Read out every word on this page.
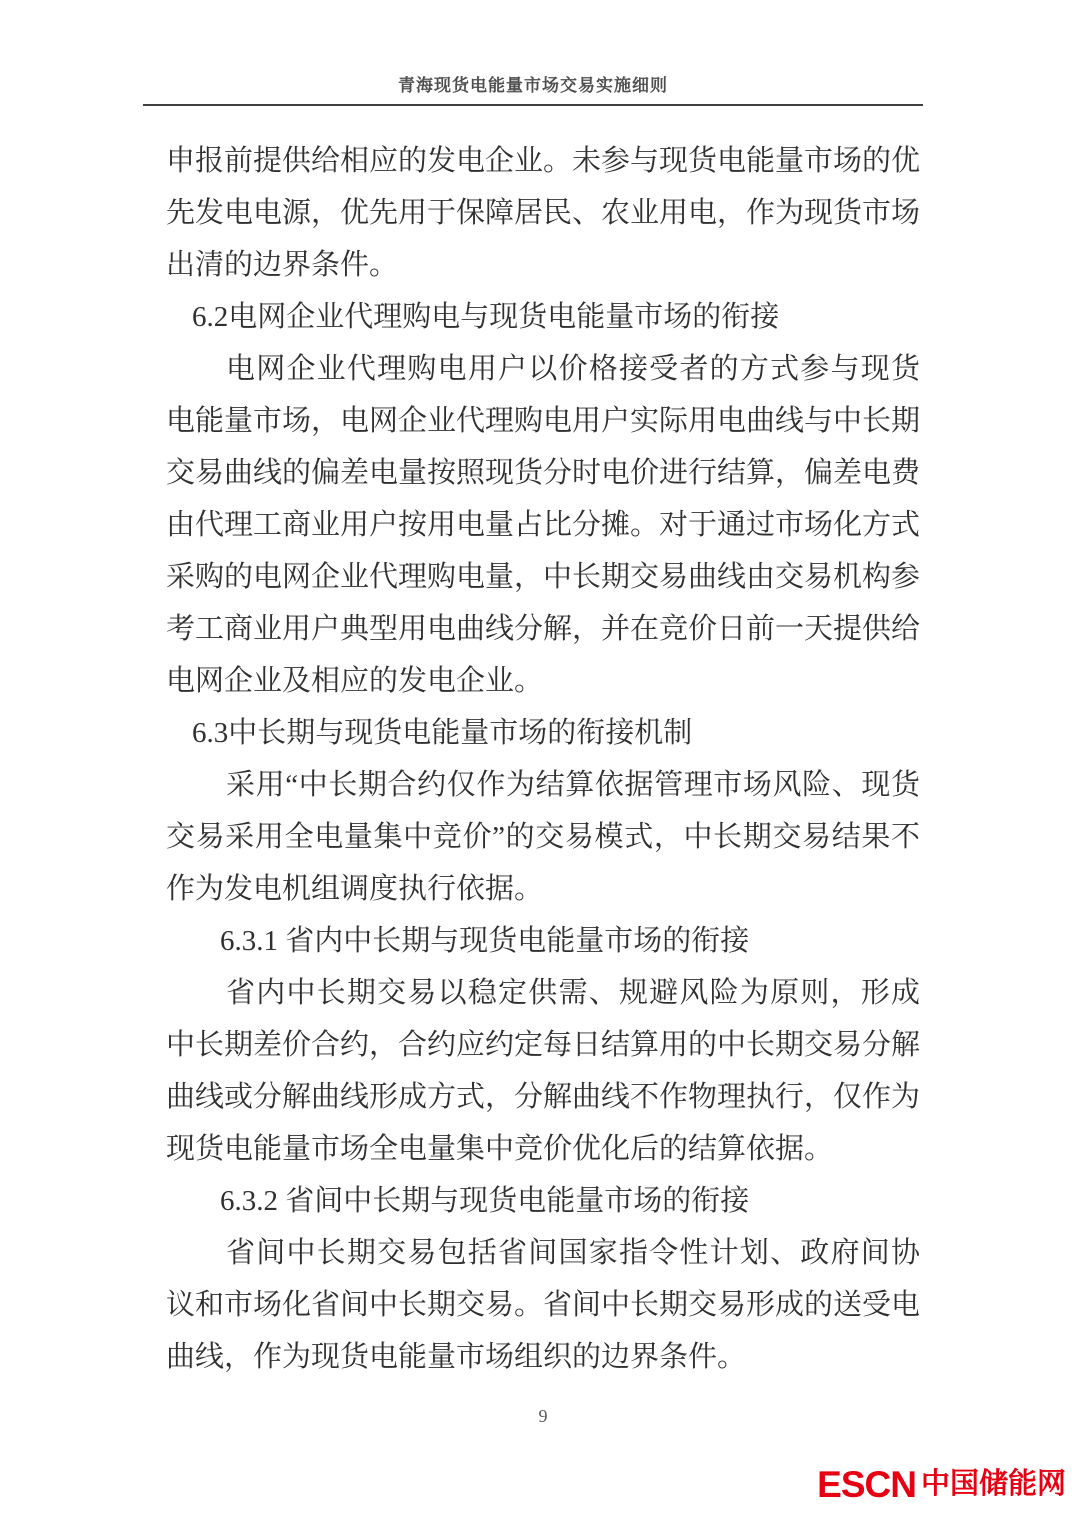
青海现货电能量市场交易实施细则
申报前提供给相应的发电企业。未参与现货电能量市场的优先发电电源，优先用于保障居民、农业用电，作为现货市场出清的边界条件。
6.2电网企业代理购电与现货电能量市场的衔接
电网企业代理购电用户以价格接受者的方式参与现货电能量市场，电网企业代理购电用户实际用电曲线与中长期交易曲线的偏差电量按照现货分时电价进行结算，偏差电费由代理工商业用户按用电量占比分摊。对于通过市场化方式采购的电网企业代理购电量，中长期交易曲线由交易机构参考工商业用户典型用电曲线分解，并在竞价日前一天提供给电网企业及相应的发电企业。
6.3中长期与现货电能量市场的衔接机制
采用“中长期合约仅作为结算依据管理市场风险、现货交易采用全电量集中竞价”的交易模式，中长期交易结果不作为发电机组调度执行依据。
6.3.1 省内中长期与现货电能量市场的衔接
省内中长期交易以稳定供需、规避风险为原则，形成中长期差价合约，合约应约定每日结算用的中长期交易分解曲线或分解曲线形成方式，分解曲线不作物理执行，仅作为现货电能量市场全电量集中竞价优化后的结算依据。
6.3.2 省间中长期与现货电能量市场的衔接
省间中长期交易包括省间国家指令性计划、政府间协议和市场化省间中长期交易。省间中长期交易形成的送受电曲线，作为现货电能量市场组织的边界条件。
9
ESCN 中国储能网
